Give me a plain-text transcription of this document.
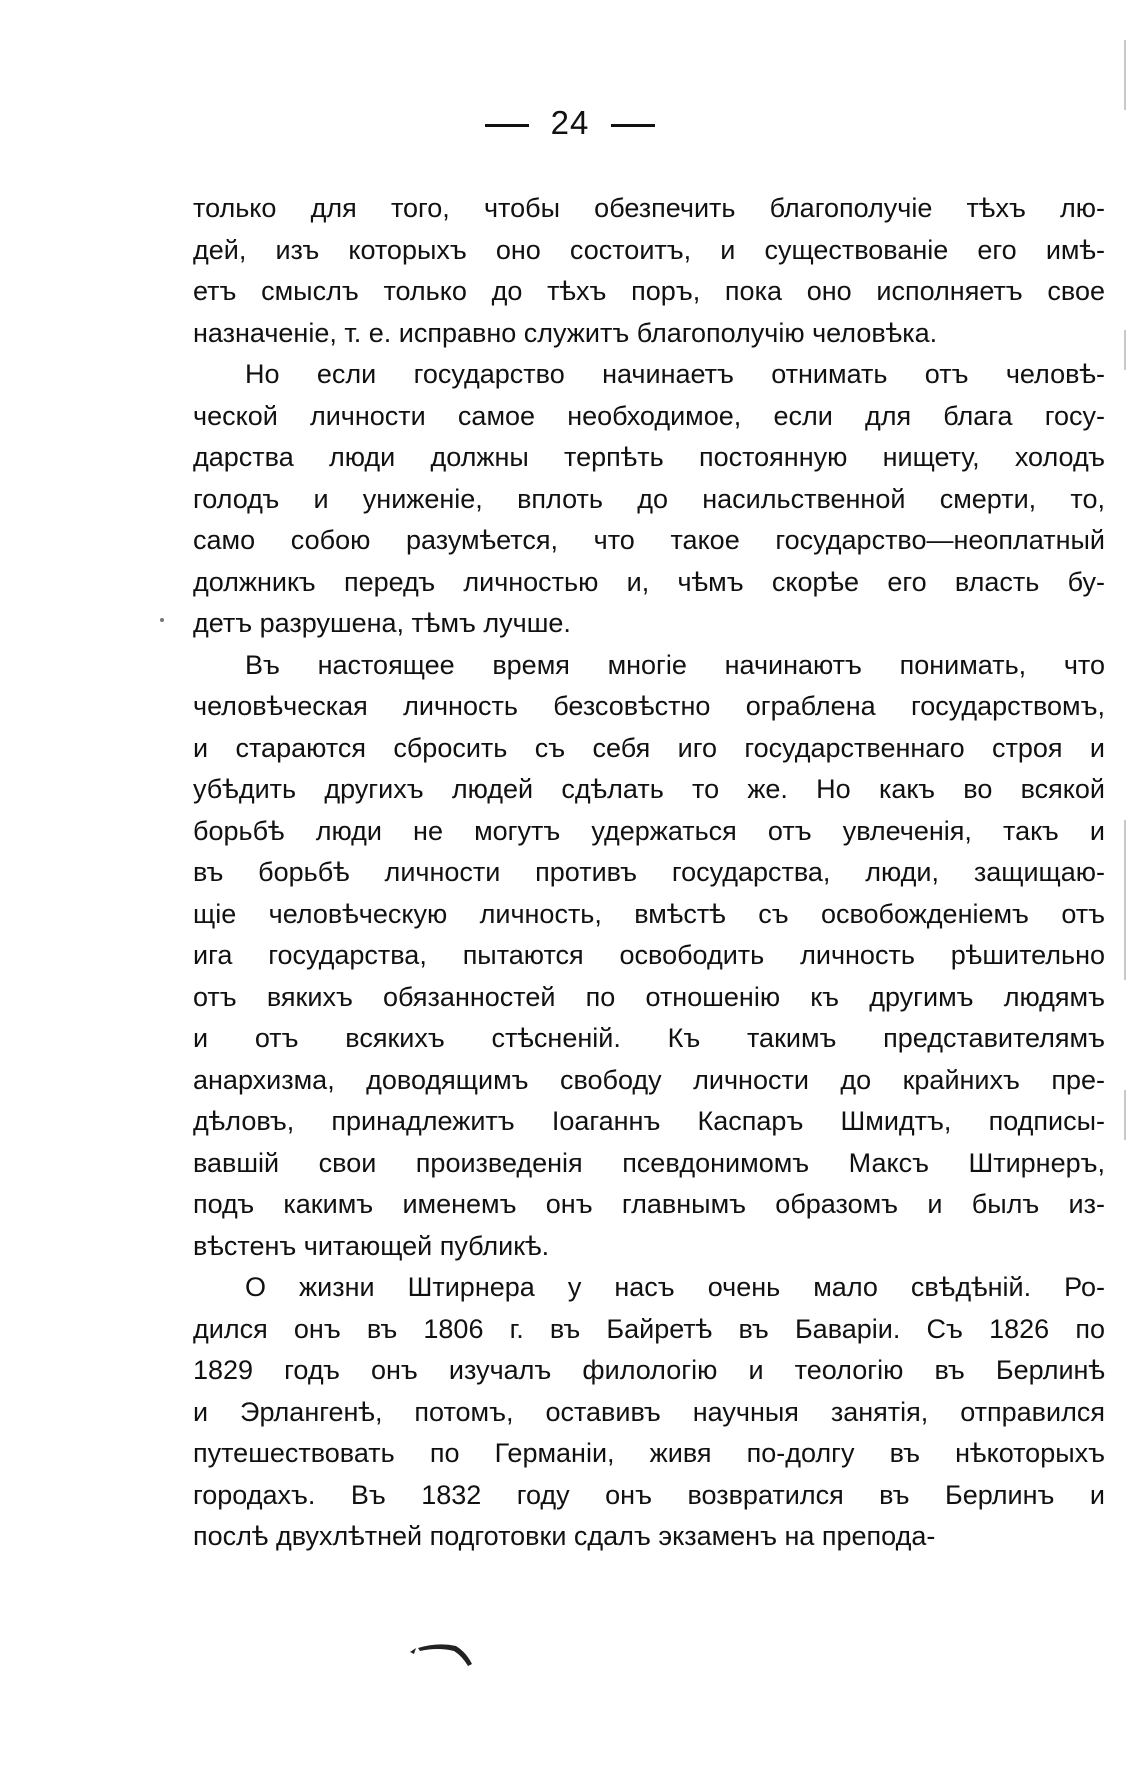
24
только для того, чтобы обезпечить благополучіе тѣхъ лю-
дей, изъ которыхъ оно состоитъ, и существованіе его имѣ-
етъ смыслъ только до тѣхъ поръ, пока оно исполняетъ свое
назначеніе, т. е. исправно служитъ благополучію человѣка.
Но если государство начинаетъ отнимать отъ человѣ-
ческой личности самое необходимое, если для блага госу-
дарства люди должны терпѣть постоянную нищету, холодъ
голодъ и униженіе, вплоть до насильственной смерти, то,
само собою разумѣется, что такое государство—неоплатный
должникъ передъ личностью и, чѣмъ скорѣе его власть бу-
детъ разрушена, тѣмъ лучше.
Въ настоящее время многіе начинаютъ понимать, что
человѣческая личность безсовѣстно ограблена государствомъ,
и стараются сбросить съ себя иго государственнаго строя и
убѣдить другихъ людей сдѣлать то же. Но какъ во всякой
борьбѣ люди не могутъ удержаться отъ увлеченія, такъ и
въ борьбѣ личности противъ государства, люди, защищаю-
щіе человѣческую личность, вмѣстѣ съ освобожденіемъ отъ
ига государства, пытаются освободить личность рѣшительно
отъ вякихъ обязанностей по отношенію къ другимъ людямъ
и отъ всякихъ стѣсненій. Къ такимъ представителямъ
анархизма, доводящимъ свободу личности до крайнихъ пре-
дѣловъ, принадлежитъ Іоаганнъ Каспаръ Шмидтъ, подписы-
вавшій свои произведенія псевдонимомъ Максъ Штирнеръ,
подъ какимъ именемъ онъ главнымъ образомъ и былъ из-
вѣстенъ читающей публикѣ.
О жизни Штирнера у насъ очень мало свѣдѣній. Ро-
дился онъ въ 1806 г. въ Байретѣ въ Баваріи. Съ 1826 по
1829 годъ онъ изучалъ филологію и теологію въ Берлинѣ
и Эрлангенѣ, потомъ, оставивъ научныя занятія, отправился
путешествовать по Германіи, живя по-долгу въ нѣкоторыхъ
городахъ. Въ 1832 году онъ возвратился въ Берлинъ и
послѣ двухлѣтней подготовки сдалъ экзаменъ на препода-
